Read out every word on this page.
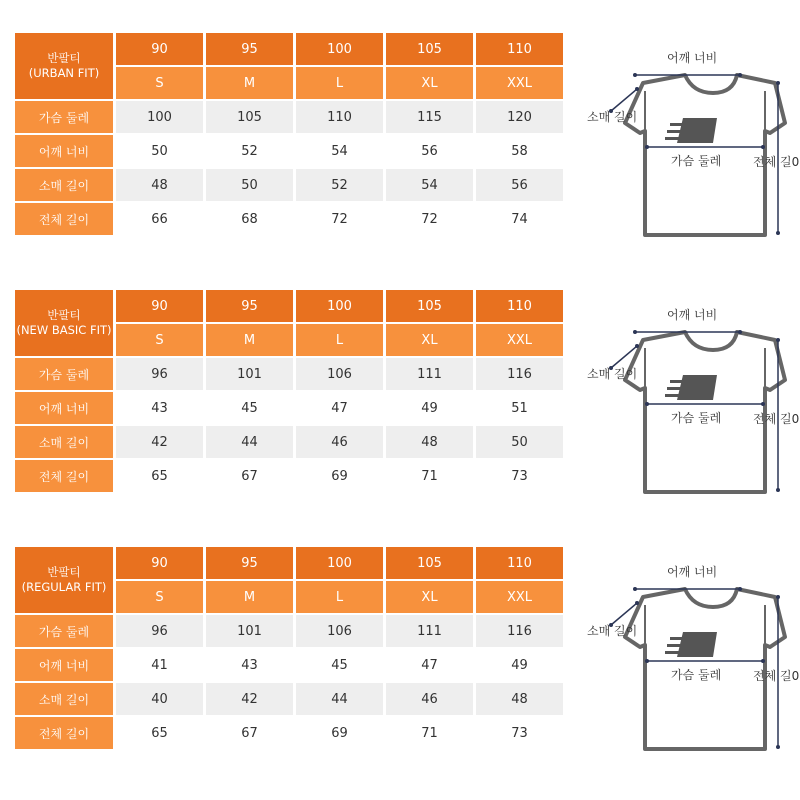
반팔티
(URBAN FIT)
90	95	100	105	110
S	M	L	XL	XXL
가슴 둘레	100	105	110	115	120
어깨 너비	50	52	54	56	58
소매 길이	48	50	52	54	56
전체 길이	66	68	72	72	74
어깨 너비
소매 길이
가슴 둘레	전체 길0
반팔티
(NEW BASIC FIT)
90	95	100	105	110
S	M	L	XL	XXL
가슴 둘레	96	101	106	111	116
어깨 너비	43	45	47	49	51
소매 길이	42	44	46	48	50
전체 길이	65	67	69	71	73
어깨 너비
소매 길이
가슴 둘레	전체 길0
반팔티
(REGULAR FIT)
90	95	100	105	110
S	M	L	XL	XXL
가슴 둘레	96	101	106	111	116
어깨 너비	41	43	45	47	49
소매 길이	40	42	44	46	48
전체 길이	65	67	69	71	73
어깨 너비
소매 길이
가슴 둘레	전체 길0
